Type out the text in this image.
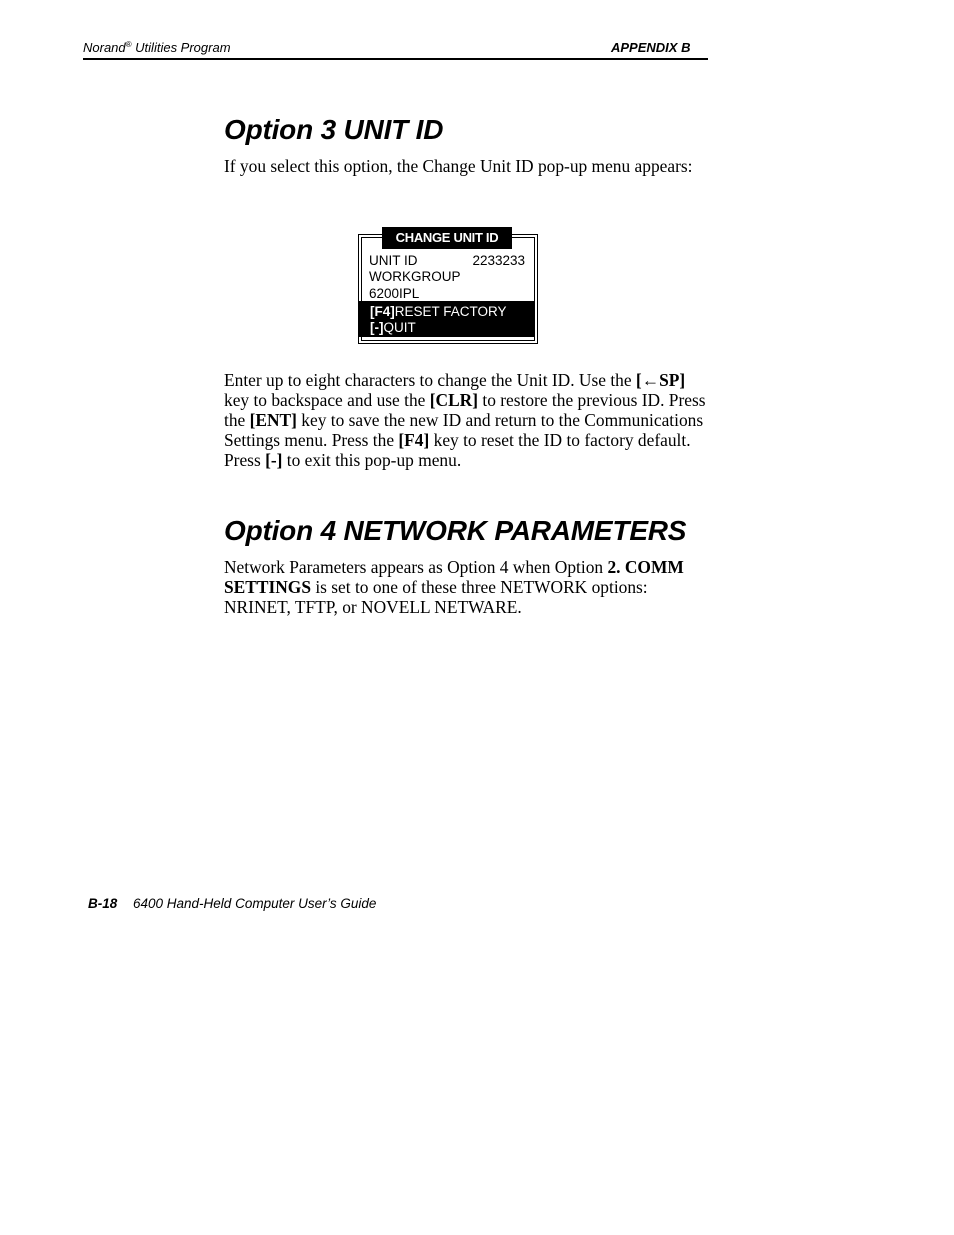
Norand® Utilities Program	APPENDIX B
Option 3 UNIT ID

If you select this option, the Change Unit ID pop-up menu appears:

CHANGE UNIT ID
UNIT ID	2233233
WORKGROUP
6200IPL
[F4]RESET FACTORY
[-]QUIT

Enter up to eight characters to change the Unit ID. Use the [←SP] key to backspace and use the [CLR] to restore the previous ID. Press the [ENT] key to save the new ID and return to the Communications Settings menu. Press the [F4] key to reset the ID to factory default. Press [-] to exit this pop-up menu.

Option 4 NETWORK PARAMETERS

Network Parameters appears as Option 4 when Option 2. COMM SETTINGS is set to one of these three NETWORK options: NRINET, TFTP, or NOVELL NETWARE.

B-18 6400 Hand-Held Computer User’s Guide
